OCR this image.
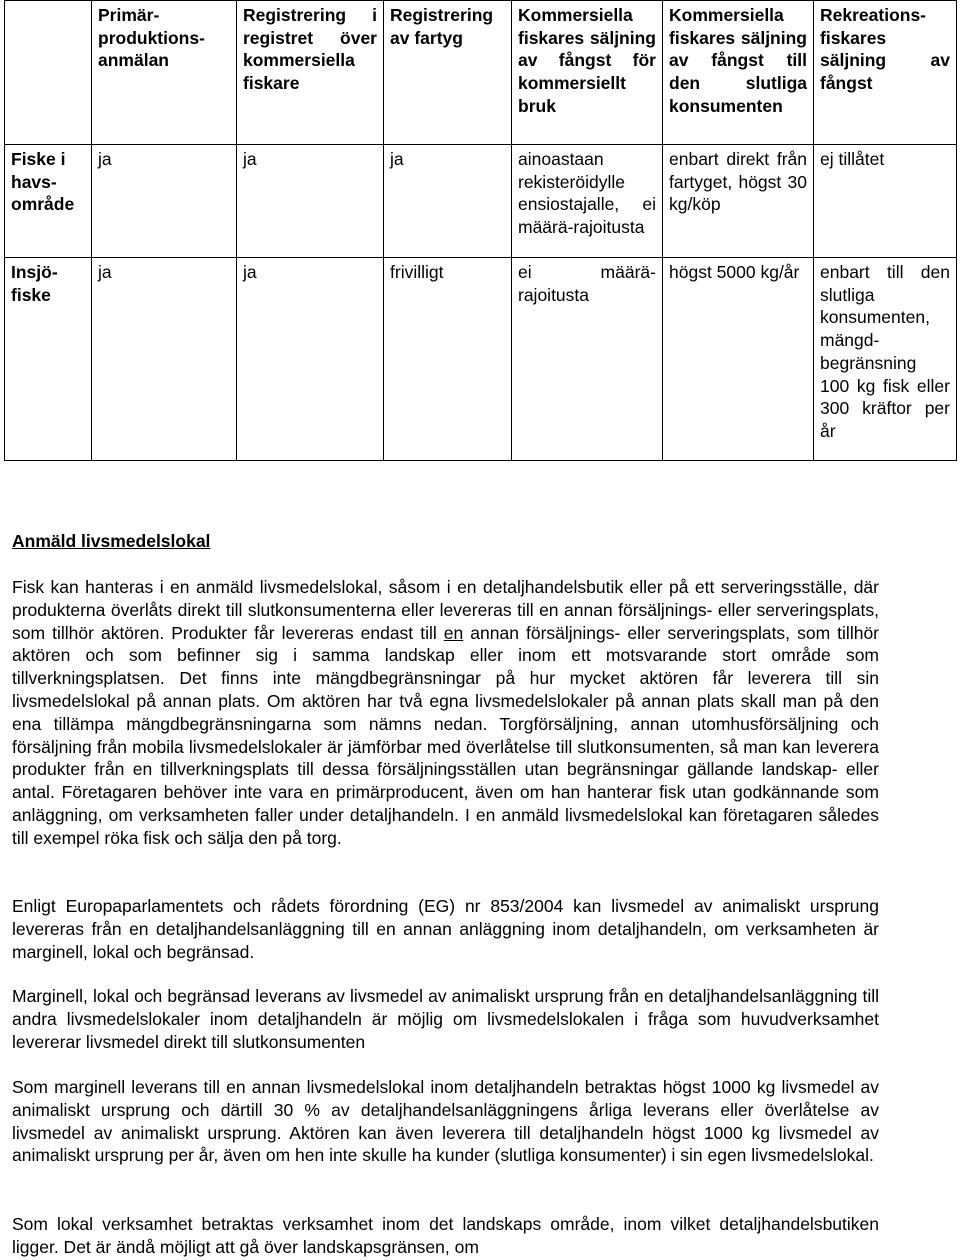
	Primär-produktions-anmälan	Registrering i registret över kommersiella fiskare	Registrering av fartyg	Kommersiella fiskares säljning av fångst för kommersiellt bruk	Kommersiella fiskares säljning av fångst till den slutliga konsumenten	Rekreations-fiskares säljning av fångst
Fiske i havs-område	ja	ja	ja	ainoastaan rekisteröidylle ensiostajalle, ei määrä-rajoitusta	enbart direkt från fartyget, högst 30 kg/köp	ej tillåtet
Insjö-fiske	ja	ja	frivilligt	ei määrä-rajoitusta	högst 5000 kg/år	enbart till den slutliga konsumenten, mängd-begränsning 100 kg fisk eller 300 kräftor per år
Anmäld livsmedelslokal
Fisk kan hanteras i en anmäld livsmedelslokal, såsom i en detaljhandelsbutik eller på ett serveringsställe, där produkterna överlåts direkt till slutkonsumenterna eller levereras till en annan försäljnings- eller serveringsplats, som tillhör aktören. Produkter får levereras endast till en annan försäljnings- eller serveringsplats, som tillhör aktören och som befinner sig i samma landskap eller inom ett motsvarande stort område som tillverkningsplatsen. Det finns inte mängdbegränsningar på hur mycket aktören får leverera till sin livsmedelslokal på annan plats. Om aktören har två egna livsmedelslokaler på annan plats skall man på den ena tillämpa mängdbegränsningarna som nämns nedan. Torgförsäljning, annan utomhusförsäljning och försäljning från mobila livsmedelslokaler är jämförbar med överlåtelse till slutkonsumenten, så man kan leverera produkter från en tillverkningsplats till dessa försäljningsställen utan begränsningar gällande landskap- eller antal. Företagaren behöver inte vara en primärproducent, även om han hanterar fisk utan godkännande som anläggning, om verksamheten faller under detaljhandeln. I en anmäld livsmedelslokal kan företagaren således till exempel röka fisk och sälja den på torg.
Enligt Europaparlamentets och rådets förordning (EG) nr 853/2004 kan livsmedel av animaliskt ursprung levereras från en detaljhandelsanläggning till en annan anläggning inom detaljhandeln, om verksamheten är marginell, lokal och begränsad.
Marginell, lokal och begränsad leverans av livsmedel av animaliskt ursprung från en detaljhandelsanläggning till andra livsmedelslokaler inom detaljhandeln är möjlig om livsmedelslokalen i fråga som huvudverksamhet levererar livsmedel direkt till slutkonsumenten
Som marginell leverans till en annan livsmedelslokal inom detaljhandeln betraktas högst 1000 kg livsmedel av animaliskt ursprung och därtill 30 % av detaljhandelsanläggningens årliga leverans eller överlåtelse av livsmedel av animaliskt ursprung. Aktören kan även leverera till detaljhandeln högst 1000 kg livsmedel av animaliskt ursprung per år, även om hen inte skulle ha kunder (slutliga konsumenter) i sin egen livsmedelslokal.
Som lokal verksamhet betraktas verksamhet inom det landskaps område, inom vilket detaljhandelsbutiken ligger. Det är ändå möjligt att gå över landskapsgränsen, om
